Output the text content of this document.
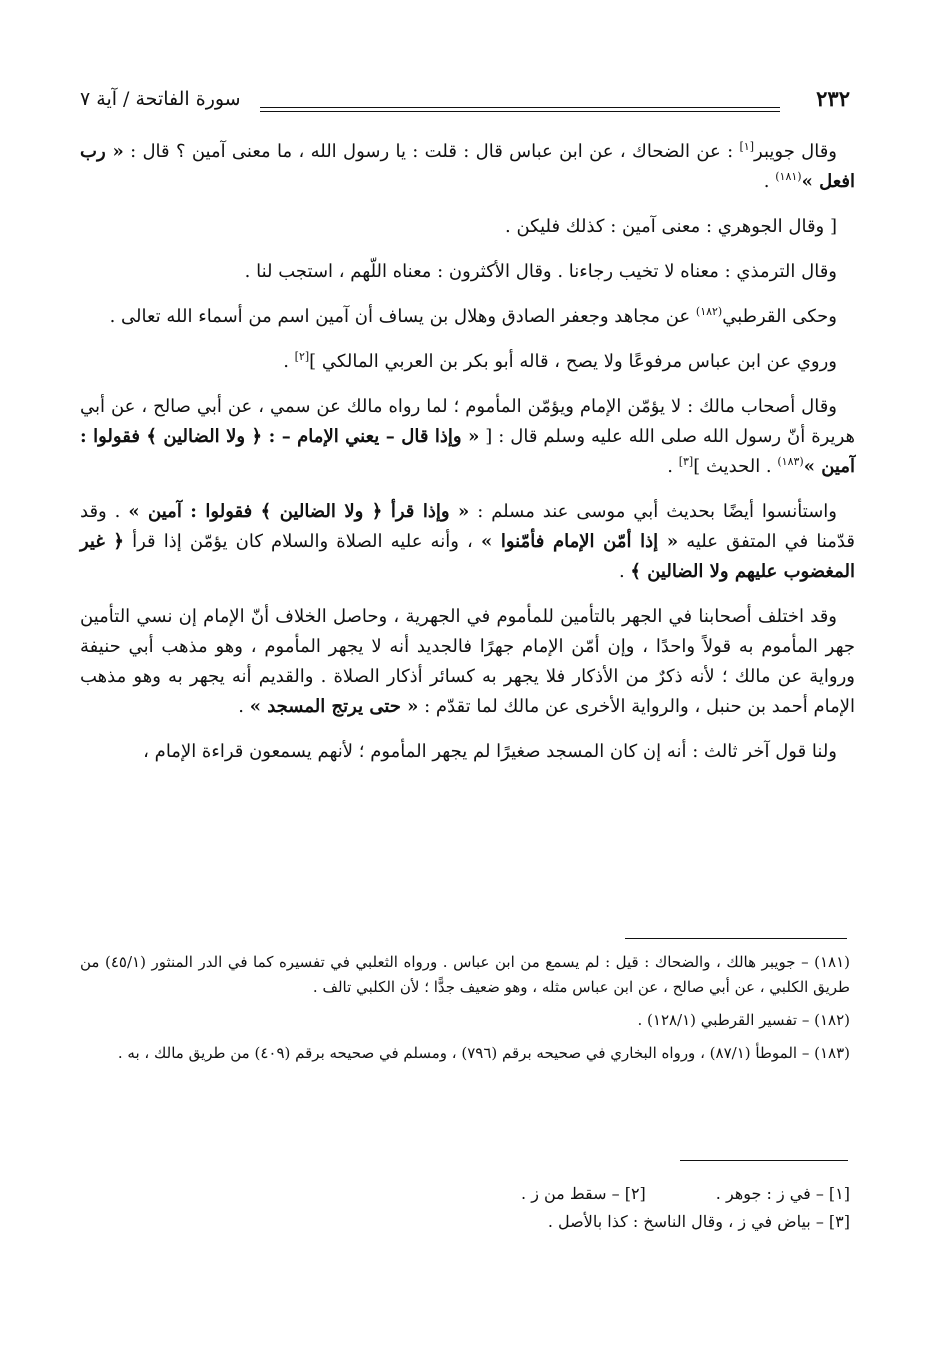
٢٣٢
سورة الفاتحة / آية ٧

وقال جويبر[١] : عن الضحاك ، عن ابن عباس قال : قلت : يا رسول الله ، ما معنى آمين ؟ قال : « رب افعل »$^{(١٨١)}$ .

[ وقال الجوهري : معنى آمين : كذلك فليكن .

وقال الترمذي : معناه لا تخيب رجاءنا . وقال الأكثرون : معناه اللّهم ، استجب لنا .

وحكى القرطبي$^{(١٨٢)}$ عن مجاهد وجعفر الصادق وهلال بن يساف أن آمين اسم من أسماء الله تعالى .

وروي عن ابن عباس مرفوعًا ولا يصح ، قاله أبو بكر بن العربي المالكي ][٢] .

وقال أصحاب مالك : لا يؤمّن الإمام ويؤمّن المأموم ؛ لما رواه مالك عن سمي ، عن أبي صالح ، عن أبي هريرة أنّ رسول الله صلى الله عليه وسلم قال : [ « وإذا قال – يعني الإمام – : ﴿ ولا الضالين ﴾ فقولوا : آمين »$^{(١٨٣)}$ . الحديث ][٣] .

واستأنسوا أيضًا بحديث أبي موسى عند مسلم : « وإذا قرأ ﴿ ولا الضالين ﴾ فقولوا : آمين » . وقد قدّمنا في المتفق عليه « إذا أمّن الإمام فأمّنوا » ، وأنه عليه الصلاة والسلام كان يؤمّن إذا قرأ ﴿ غير المغضوب عليهم ولا الضالين ﴾ .

وقد اختلف أصحابنا في الجهر بالتأمين للمأموم في الجهرية ، وحاصل الخلاف أنّ الإمام إن نسي التأمين جهر المأموم به قولاً واحدًا ، وإن أمّن الإمام جهرًا فالجديد أنه لا يجهر المأموم ، وهو مذهب أبي حنيفة ورواية عن مالك ؛ لأنه ذكرٌ من الأذكار فلا يجهر به كسائر أذكار الصلاة . والقديم أنه يجهر به وهو مذهب الإمام أحمد بن حنبل ، والرواية الأخرى عن مالك لما تقدّم : « حتى يرتج المسجد » .

ولنا قول آخر ثالث : أنه إن كان المسجد صغيرًا لم يجهر المأموم ؛ لأنهم يسمعون قراءة الإمام ،

(١٨١) – جويبر هالك ، والضحاك : قيل : لم يسمع من ابن عباس . ورواه الثعلبي في تفسيره كما في الدر المنثور (٤٥/١) من طريق الكلبي ، عن أبي صالح ، عن ابن عباس مثله ، وهو ضعيف جدًّا ؛ لأن الكلبي تالف .

(١٨٢) – تفسير القرطبي (١٢٨/١) .

(١٨٣) – الموطأ (٨٧/١) ، ورواه البخاري في صحيحه برقم (٧٩٦) ، ومسلم في صحيحه برقم (٤٠٩) من طريق مالك ، به .

[١] – في ز : جوهر .[٢] – سقط من ز .

[٣] – بياض في ز ، وقال الناسخ : كذا بالأصل .
